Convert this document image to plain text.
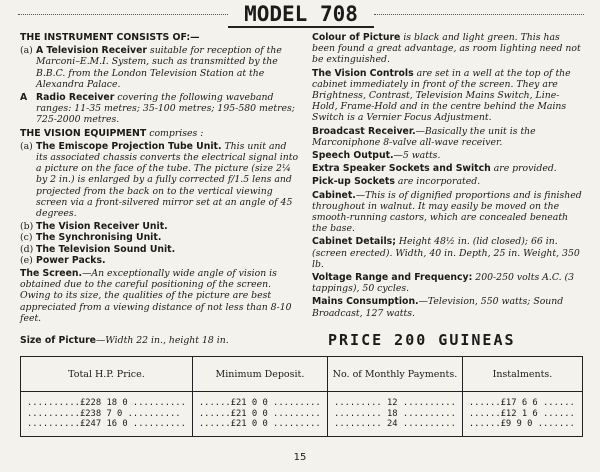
MODEL 708
THE INSTRUMENT CONSISTS OF:—
(a) A Television Receiver suitable for reception of the Marconi–E.M.I. System, such as transmitted by the B.B.C. from the London Television Station at the Alexandra Palace.
A Radio Receiver covering the following waveband ranges: 11-35 metres; 35-100 metres; 195-580 metres; 725-2000 metres.
THE VISION EQUIPMENT comprises :
(a) The Emiscope Projection Tube Unit. This unit and its associated chassis converts the electrical signal into a picture on the face of the tube. The picture (size 2¼ by 2 in.) is enlarged by a fully corrected f/1.5 lens and projected from the back on to the vertical viewing screen via a front-silvered mirror set at an angle of 45 degrees.
(b) The Vision Receiver Unit.
(c) The Synchronising Unit.
(d) The Television Sound Unit.
(e) Power Packs.
The Screen.—An exceptionally wide angle of vision is obtained due to the careful positioning of the screen. Owing to its size, the qualities of the picture are best appreciated from a viewing distance of not less than 8-10 feet.
Colour of Picture is black and light green. This has been found a great advantage, as room lighting need not be extinguished.
The Vision Controls are set in a well at the top of the cabinet immediately in front of the screen. They are Brightness, Contrast, Television Mains Switch, Line-Hold, Frame-Hold and in the centre behind the Mains Switch is a Vernier Focus Adjustment.
Broadcast Receiver.—Basically the unit is the Marconiphone 8-valve all-wave receiver.
Speech Output.—5 watts.
Extra Speaker Sockets and Switch are provided.
Pick-up Sockets are incorporated.
Cabinet.—This is of dignified proportions and is finished throughout in walnut. It may easily be moved on the smooth-running castors, which are concealed beneath the base.
Cabinet Details; Height 48½ in. (lid closed); 66 in. (screen erected). Width, 40 in. Depth, 25 in. Weight, 350 lb.
Voltage Range and Frequency: 200-250 volts A.C. (3 tappings), 50 cycles.
Mains Consumption.—Television, 550 watts; Sound Broadcast, 127 watts.
Size of Picture—Width 22 in., height 18 in.	PRICE 200 GUINEAS
Total H.P. Price.	Minimum Deposit.	No. of Monthly Payments.	Instalments.
..........£228 18 0 ..........	......£21 0 0 .........	......... 12 ..........	......£17 6 6 ......
..........£238 7 0 ..........	......£21 0 0 .........	......... 18 ..........	......£12 1 6 ......
..........£247 16 0 ..........	......£21 0 0 .........	......... 24 ..........	......£9 9 0 .......
15
